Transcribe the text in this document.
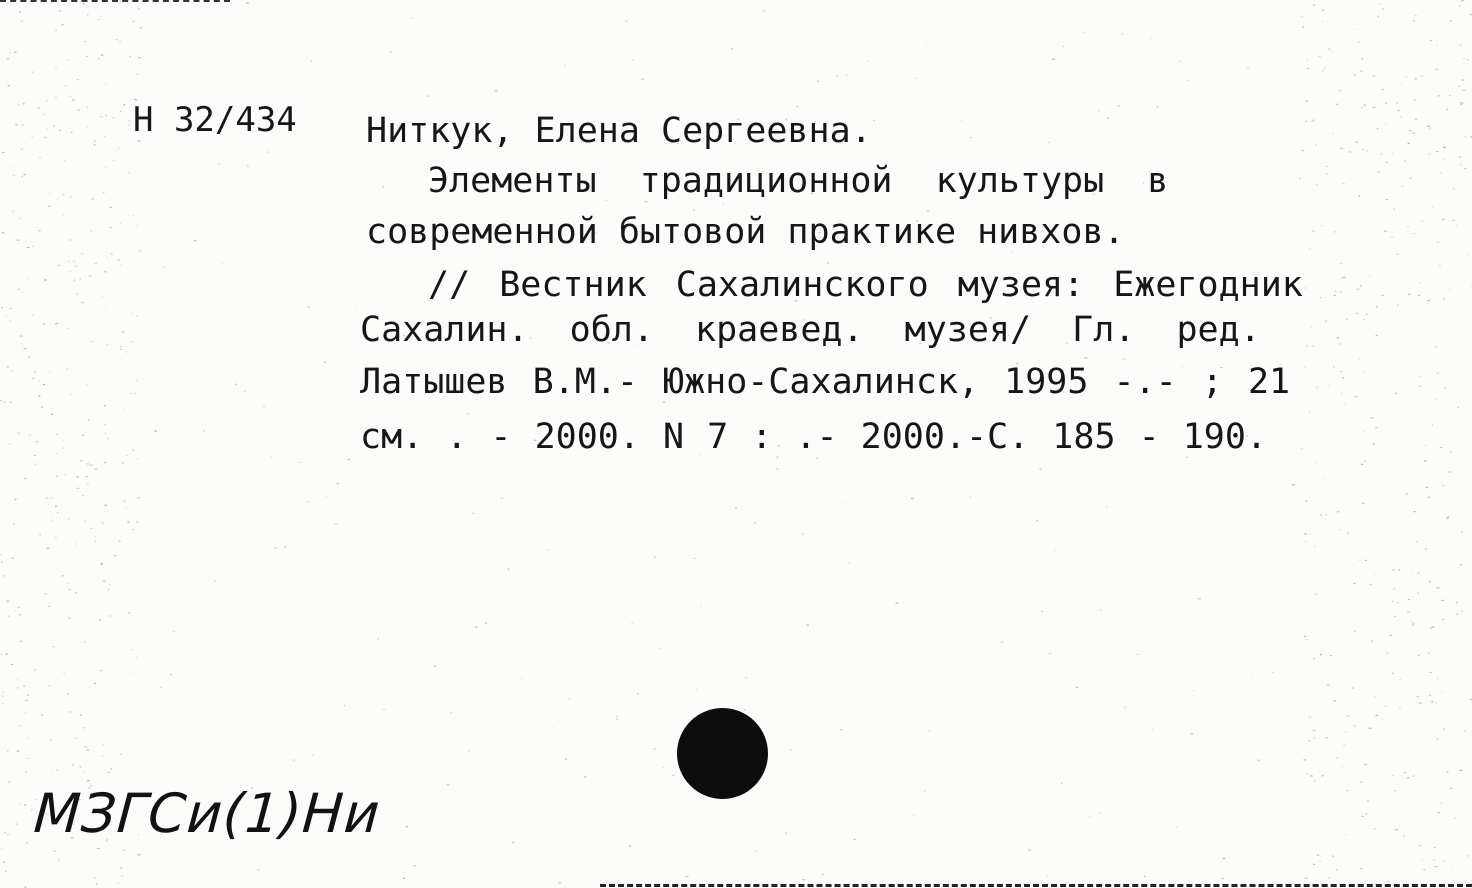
Н 32/434 Ниткук, Елена Сергеевна.
Элементы традиционной культуры в
современной бытовой практике нивхов.
// Вестник Сахалинского музея: Ежегодник
Сахалин. обл. краевед. музея/ Гл. ред.
Латышев В.М.- Южно-Сахалинск, 1995 -.- ; 21
см. . - 2000. N 7 : .- 2000.-С. 185 - 190.
МЗГСи(1)Ни
